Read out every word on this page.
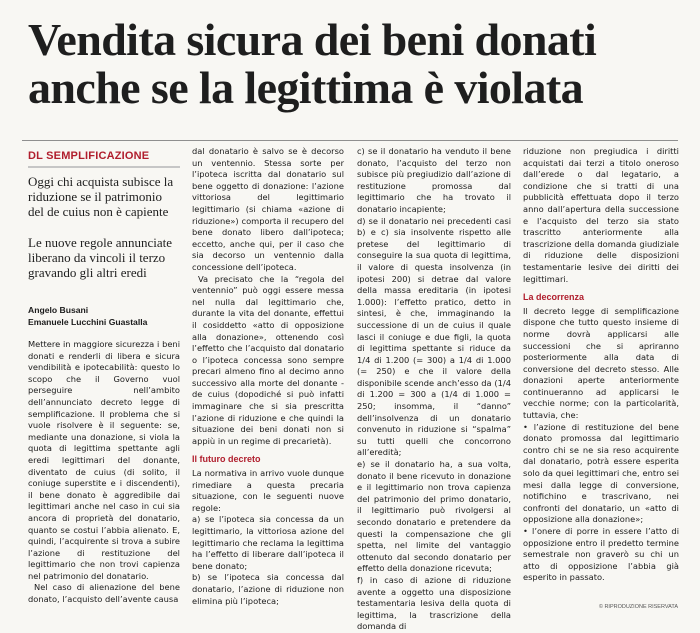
Vendita sicura dei beni donati
anche se la legittima è violata
DL SEMPLIFICAZIONE

Oggi chi acquista subisce la riduzione se il patrimonio del de cuius non è capiente

Le nuove regole annunciate liberano da vincoli il terzo gravando gli altri eredi

Angelo Busani
Emanuele Lucchini Guastalla

Mettere in maggiore sicurezza i beni donati e renderli di libera e sicura vendibilità e ipotecabilità: questo lo scopo che il Governo vuol perseguire nell’ambito dell’annunciato decreto legge di semplificazione. Il problema che si vuole risolvere è il seguente: se, mediante una donazione, si viola la quota di legittima spettante agli eredi legittimari del donante, diventato de cuius (di solito, il coniuge superstite e i discendenti), il bene donato è aggredibile dai legittimari anche nel caso in cui sia ancora di proprietà del donatario, quanto se costui l’abbia alienato. E, quindi, l’acquirente si trova a subire l’azione di restituzione del legittimario che non trovi capienza nel patrimonio del donatario.

Nel caso di alienazione del bene donato, l’acquisto dell’avente causa

dal donatario è salvo se è decorso un ventennio. Stessa sorte per l’ipoteca iscritta dal donatario sul bene oggetto di donazione: l’azione vittoriosa del legittimario legittimario (si chiama «azione di riduzione») comporta il recupero del bene donato libero dall’ipoteca; eccetto, anche qui, per il caso che sia decorso un ventennio dalla concessione dell’ipoteca.

Va precisato che la “regola del ventennio” può oggi essere messa nel nulla dal legittimario che, durante la vita del donante, effettui il cosiddetto «atto di opposizione alla donazione», ottenendo così l’effetto che l’acquisto dal donatario o l’ipoteca concessa sono sempre precari almeno fino al decimo anno successivo alla morte del donante - de cuius (dopodiché si può infatti immaginare che si sia prescritta l’azione di riduzione e che quindi la situazione dei beni donati non si appiù in un regime di precarietà).

Il futuro decreto

La normativa in arrivo vuole dunque rimediare a questa precaria situazione, con le seguenti nuove regole:

a) se l’ipoteca sia concessa da un legittimario, la vittoriosa azione del legittimario che reclama la legittima ha l’effetto di liberare dall’ipoteca il bene donato;

b) se l’ipoteca sia concessa dal donatario, l’azione di riduzione non elimina più l’ipoteca;

c) se il donatario ha venduto il bene donato, l’acquisto del terzo non subisce più pregiudizio dall’azione di restituzione promossa dal legittimario che ha trovato il donatario incapiente;

d) se il donatario nei precedenti casi b) e c) sia insolvente rispetto alle pretese del legittimario di conseguire la sua quota di legittima, il valore di questa insolvenza (in ipotesi 200) si detrae dal valore della massa ereditaria (in ipotesi 1.000): l’effetto pratico, detto in sintesi, è che, immaginando la successione di un de cuius il quale lasci il coniuge e due figli, la quota di legittima spettante si riduce da 1/4 di 1.200 (= 300) a 1/4 di 1.000 (= 250) e che il valore della disponibile scende anch’esso da (1/4 di 1.200 = 300 a (1/4 di 1.000 = 250; insomma, il “danno” dell’insolvenza di un donatario convenuto in riduzione si “spalma” su tutti quelli che concorrono all’eredità;

e) se il donatario ha, a sua volta, donato il bene ricevuto in donazione e il legittimario non trova capienza del patrimonio del primo donatario, il legittimario può rivolgersi al secondo donatario e pretendere da questi la compensazione che gli spetta, nel limite del vantaggio ottenuto dal secondo donatario per effetto della donazione ricevuta;

f) in caso di azione di riduzione avente a oggetto una disposizione testamentaria lesiva della quota di legittima, la trascrizione della domanda di

riduzione non pregiudica i diritti acquistati dai terzi a titolo oneroso dall’erede o dal legatario, a condizione che si tratti di una pubblicità effettuata dopo il terzo anno dall’apertura della successione e l’acquisto del terzo sia stato trascritto anteriormente alla trascrizione della domanda giudiziale di riduzione delle disposizioni testamentarie lesive dei diritti dei legittimari.

La decorrenza

Il decreto legge di semplificazione dispone che tutto questo insieme di norme dovrà applicarsi alle successioni che si apriranno posteriormente alla data di conversione del decreto stesso. Alle donazioni aperte anteriormente continueranno ad applicarsi le vecchie norme; con la particolarità, tuttavia, che:

• l’azione di restituzione del bene donato promossa dal legittimario contro chi se ne sia reso acquirente dal donatario, potrà essere esperita solo da quei legittimari che, entro sei mesi dalla legge di conversione, notifichino e trascrivano, nei confronti del donatario, un «atto di opposizione alla donazione»;

• l’onere di porre in essere l’atto di opposizione entro il predetto termine semestrale non graverò su chi un atto di opposizione l’abbia già esperito in passato.

© RIPRODUZIONE RISERVATA
